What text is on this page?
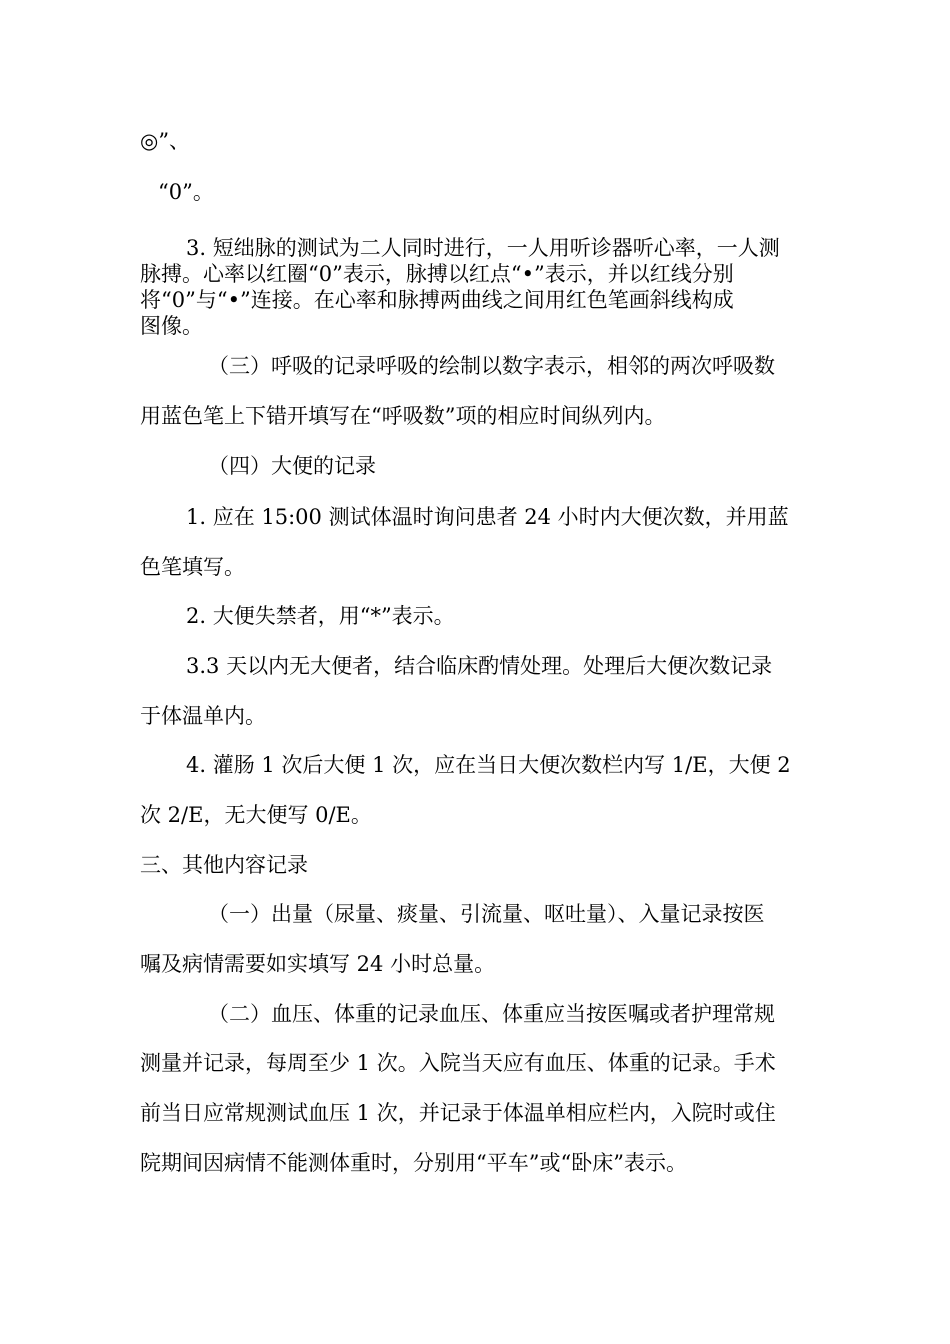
◎”、
“0”。
3. 短绌脉的测试为二人同时进行，一人用听诊器听心率，一人测
脉搏。心率以红圈“0”表示，脉搏以红点“•”表示，并以红线分别
将“0”与“•”连接。在心率和脉搏两曲线之间用红色笔画斜线构成
图像。
（三）呼吸的记录呼吸的绘制以数字表示，相邻的两次呼吸数
用蓝色笔上下错开填写在“呼吸数”项的相应时间纵列内。
（四）大便的记录
1. 应在 15:00 测试体温时询问患者 24 小时内大便次数，并用蓝
色笔填写。
2. 大便失禁者，用“*”表示。
3.3 天以内无大便者，结合临床酌情处理。处理后大便次数记录
于体温单内。
4. 灌肠 1 次后大便 1 次，应在当日大便次数栏内写 1/E，大便 2
次 2/E，无大便写 0/E。
三、其他内容记录
（一）出量（尿量、痰量、引流量、呕吐量）、入量记录按医
嘱及病情需要如实填写 24 小时总量。
（二）血压、体重的记录血压、体重应当按医嘱或者护理常规
测量并记录，每周至少 1 次。入院当天应有血压、体重的记录。手术
前当日应常规测试血压 1 次，并记录于体温单相应栏内，入院时或住
院期间因病情不能测体重时，分别用“平车”或“卧床”表示。
